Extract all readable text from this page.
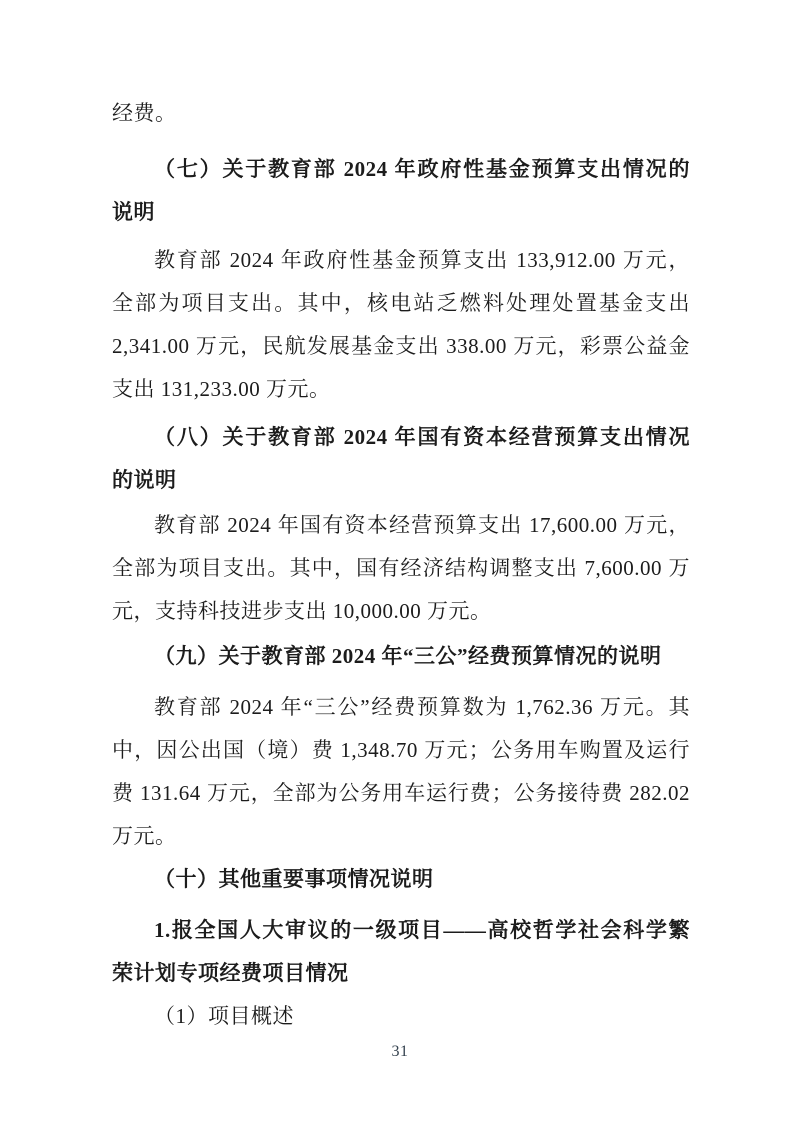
经费。
（七）关于教育部 2024 年政府性基金预算支出情况的
说明
教育部 2024 年政府性基金预算支出 133,912.00 万元，
全部为项目支出。其中，核电站乏燃料处理处置基金支出
2,341.00 万元，民航发展基金支出 338.00 万元，彩票公益金
支出 131,233.00 万元。
（八）关于教育部 2024 年国有资本经营预算支出情况
的说明
教育部 2024 年国有资本经营预算支出 17,600.00 万元，
全部为项目支出。其中，国有经济结构调整支出 7,600.00 万
元，支持科技进步支出 10,000.00 万元。
（九）关于教育部 2024 年“三公”经费预算情况的说明
教育部 2024 年“三公”经费预算数为 1,762.36 万元。其
中，因公出国（境）费 1,348.70 万元；公务用车购置及运行
费 131.64 万元，全部为公务用车运行费；公务接待费 282.02
万元。
（十）其他重要事项情况说明
1.报全国人大审议的一级项目——高校哲学社会科学繁
荣计划专项经费项目情况
（1）项目概述
31
